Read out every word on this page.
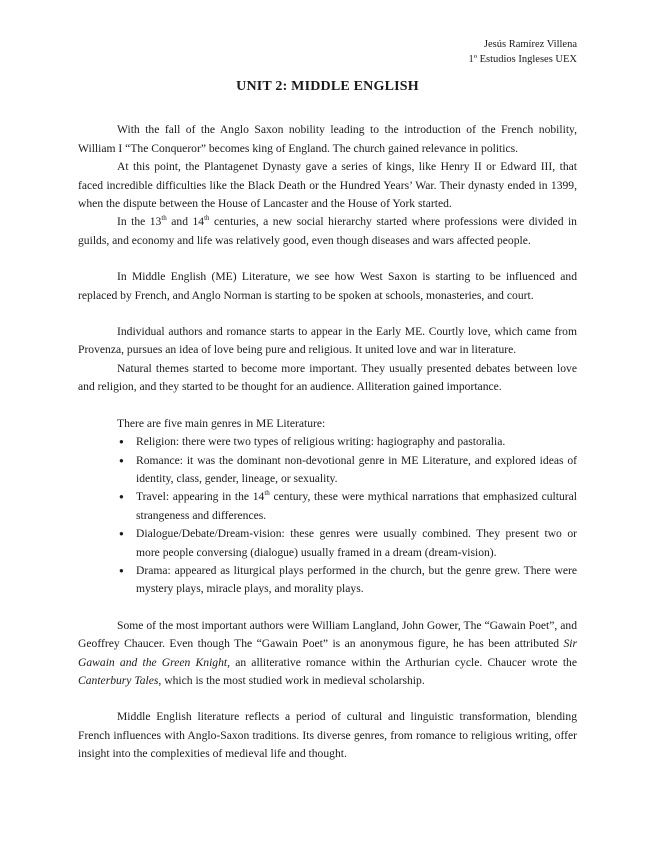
Jesús Ramírez Villena
1º Estudios Ingleses UEX
UNIT 2: MIDDLE ENGLISH

With the fall of the Anglo Saxon nobility leading to the introduction of the French nobility, William I “The Conqueror” becomes king of England. The church gained relevance in politics.

At this point, the Plantagenet Dynasty gave a series of kings, like Henry II or Edward III, that faced incredible difficulties like the Black Death or the Hundred Years’ War. Their dynasty ended in 1399, when the dispute between the House of Lancaster and the House of York started.

In the 13th and 14th centuries, a new social hierarchy started where professions were divided in guilds, and economy and life was relatively good, even though diseases and wars affected people.

In Middle English (ME) Literature, we see how West Saxon is starting to be influenced and replaced by French, and Anglo Norman is starting to be spoken at schools, monasteries, and court.

Individual authors and romance starts to appear in the Early ME. Courtly love, which came from Provenza, pursues an idea of love being pure and religious. It united love and war in literature.

Natural themes started to become more important. They usually presented debates between love and religion, and they started to be thought for an audience. Alliteration gained importance.

There are five main genres in ME Literature:

● Religion: there were two types of religious writing: hagiography and pastoralia.
● Romance: it was the dominant non-devotional genre in ME Literature, and explored ideas of identity, class, gender, lineage, or sexuality.
● Travel: appearing in the 14th century, these were mythical narrations that emphasized cultural strangeness and differences.
● Dialogue/Debate/Dream-vision: these genres were usually combined. They present two or more people conversing (dialogue) usually framed in a dream (dream-vision).
● Drama: appeared as liturgical plays performed in the church, but the genre grew. There were mystery plays, miracle plays, and morality plays.

Some of the most important authors were William Langland, John Gower, The “Gawain Poet”, and Geoffrey Chaucer. Even though The “Gawain Poet” is an anonymous figure, he has been attributed Sir Gawain and the Green Knight, an alliterative romance within the Arthurian cycle. Chaucer wrote the Canterbury Tales, which is the most studied work in medieval scholarship.

Middle English literature reflects a period of cultural and linguistic transformation, blending French influences with Anglo-Saxon traditions. Its diverse genres, from romance to religious writing, offer insight into the complexities of medieval life and thought.
